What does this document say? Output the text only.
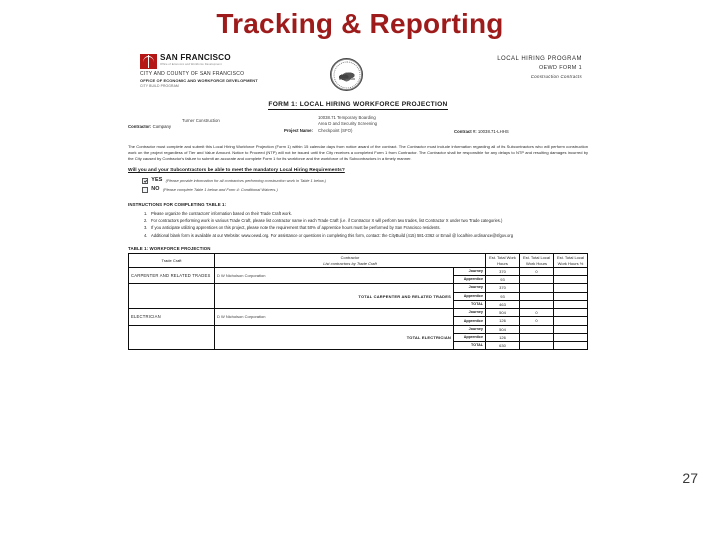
Tracking & Reporting
27
SAN FRANCISCO
Office of Economic and Workforce Development
CITY AND COUNTY OF SAN FRANCISCO
OFFICE OF ECONOMIC AND WORKFORCE DEVELOPMENT
CITY BUILD PROGRAM
LOCAL HIRING PROGRAM
OEWD FORM 1
Construction Contracts
FORM 1: LOCAL HIRING WORKFORCE PROJECTION
Contractor: Company
Turner Construction
10038.71 Temporary Boarding
Area D and Security Screening
Project Name: Checkpoint (SFO)	Contract #: 10038.71-LHHS
The Contractor must complete and submit this Local Hiring Workforce Projection (Form 1) within 15 calendar days from notice award of the contract. The Contractor must include information regarding all of its Subcontractors who will perform construction work on the project regardless of Tier and Value Amount. Notice to Proceed (NTP) will not be issued until the City receives a completed Form 1 from Contractor. The Contractor shall be responsible for any delays to NTP and resulting damages incurred by the City caused by Contractor's failure to submit an accurate and complete Form 1 for its workforce and the workforce of its Subcontractors in a timely manner.
Will you and your Subcontractors be able to meet the mandatory Local Hiring Requirements?
YES (Please provide information for all contractors performing construction work in Table 1 below.)
NO (Please complete Table 1 below and Form 4: Conditional Waivers.)
INSTRUCTIONS FOR COMPLETING TABLE 1:
1. Please organize the contractors' information based on their Trade Craft work.
2. For contractors performing work in various Trade Craft, please list contractor name in each Trade Craft (i.e. if Contractor X will perform two trades, list Contractor X under two Trade categories.)
3. If you anticipate utilizing apprentices on this project, please note the requirement that 50% of apprentice hours must be performed by San Francisco residents.
4. Additional blank form is available at our Website: www.oewd.org. For assistance or questions in completing this form, contact: the CityBuild (415) 581-2362 or Email @ localhire.ordinance@sfgov.org
TABLE 1: WORKFORCE PROJECTION
Trade Craft	Contractor
List contractors by Trade Craft		Est. Total Work Hours	Est. Total Local Work Hours	Est. Total Local Work Hours %
CARPENTER AND RELATED TRADES	D W Nicholson Corporation	Journey	370	0	
		Apprentice	93		
	TOTAL CARPENTER AND RELATED TRADES	Journey	370		
		Apprentice	93		
		TOTAL	463		
ELECTRICIAN	D W Nicholson Corporation	Journey	504	0	
		Apprentice	126	0	
	TOTAL ELECTRICIAN	Journey	504		
		Apprentice	126		
		TOTAL	630		
